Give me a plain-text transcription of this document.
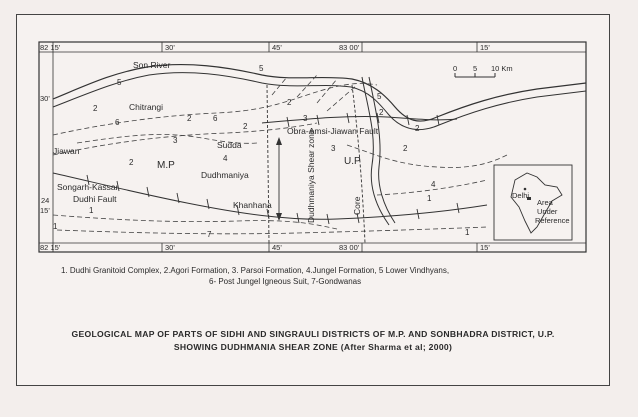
82 15'	30'	45'	83 00'	15'
82 15'	30'	45'	83 00'	15'
30'
24
15'
0 5 10 Km
Son River
Chitrangi
Jiawan
Sudda
M.P	U.P
Dudhmaniya
Songarh-Kassar
Dudhi Fault
Khanhana
Obra-Amsi-Jiawan Fault
Dudhmaniya Shear zone	Core
5
5
2
6	2	6
3
2	4
1
2
1
7
2
3
5
2
3	2
4
1
2
1
Delhi
Area
Under
Reference
1. Dudhi Granitoid Complex, 2.Agori Formation, 3. Parsoi Formation, 4.Jungel Formation, 5 Lower Vindhyans,
6- Post Jungel Igneous Suit, 7-Gondwanas
GEOLOGICAL MAP OF PARTS OF SIDHI AND SINGRAULI DISTRICTS OF M.P. AND SONBHADRA DISTRICT, U.P.
SHOWING DUDHMANIA SHEAR ZONE (After Sharma et al; 2000)
